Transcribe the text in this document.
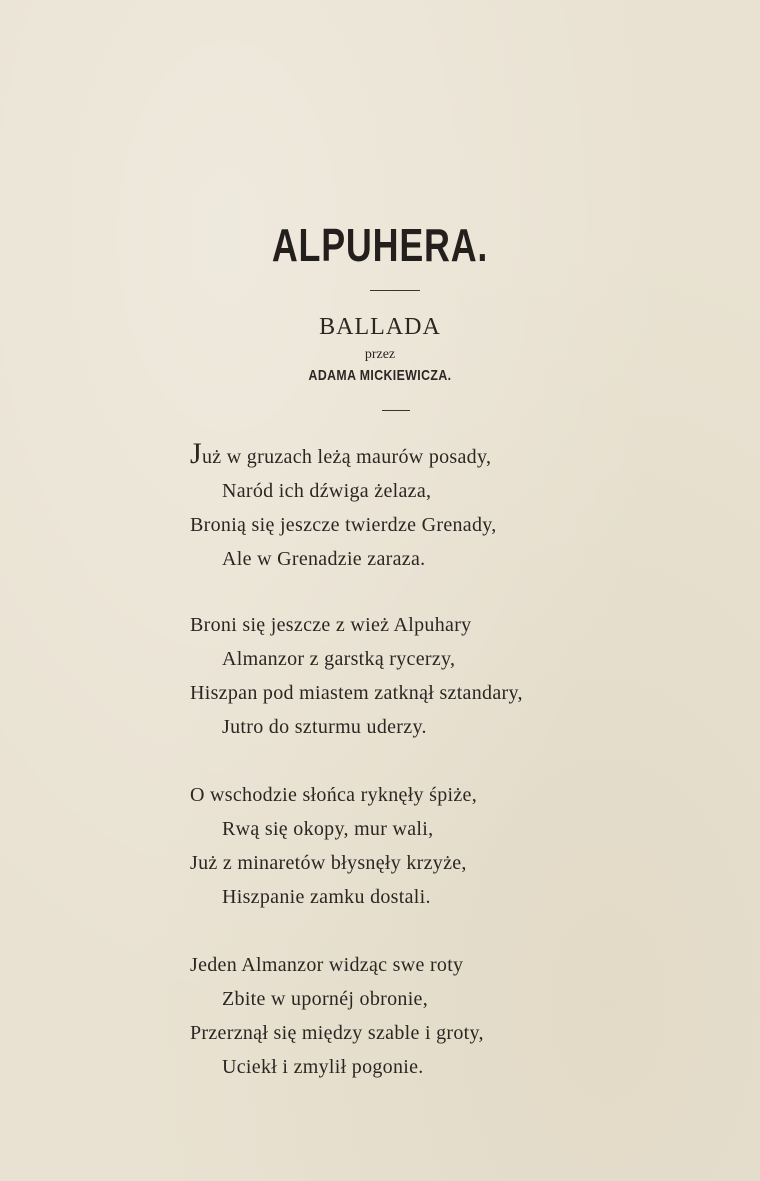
ALPUHERA.
BALLADA
przez
ADAMA MICKIEWICZA.
Już w gruzach leżą maurów posady,
Naród ich dźwiga żelaza,
Bronią się jeszcze twierdze Grenady,
Ale w Grenadzie zaraza.
Broni się jeszcze z wież Alpuhary
Almanzor z garstką rycerzy,
Hiszpan pod miastem zatknął sztandary,
Jutro do szturmu uderzy.
O wschodzie słońca ryknęły śpiże,
Rwą się okopy, mur wali,
Już z minaretów błysnęły krzyże,
Hiszpanie zamku dostali.
Jeden Almanzor widząc swe roty
Zbite w upornéj obronie,
Przerznął się między szable i groty,
Uciekł i zmylił pogonie.
